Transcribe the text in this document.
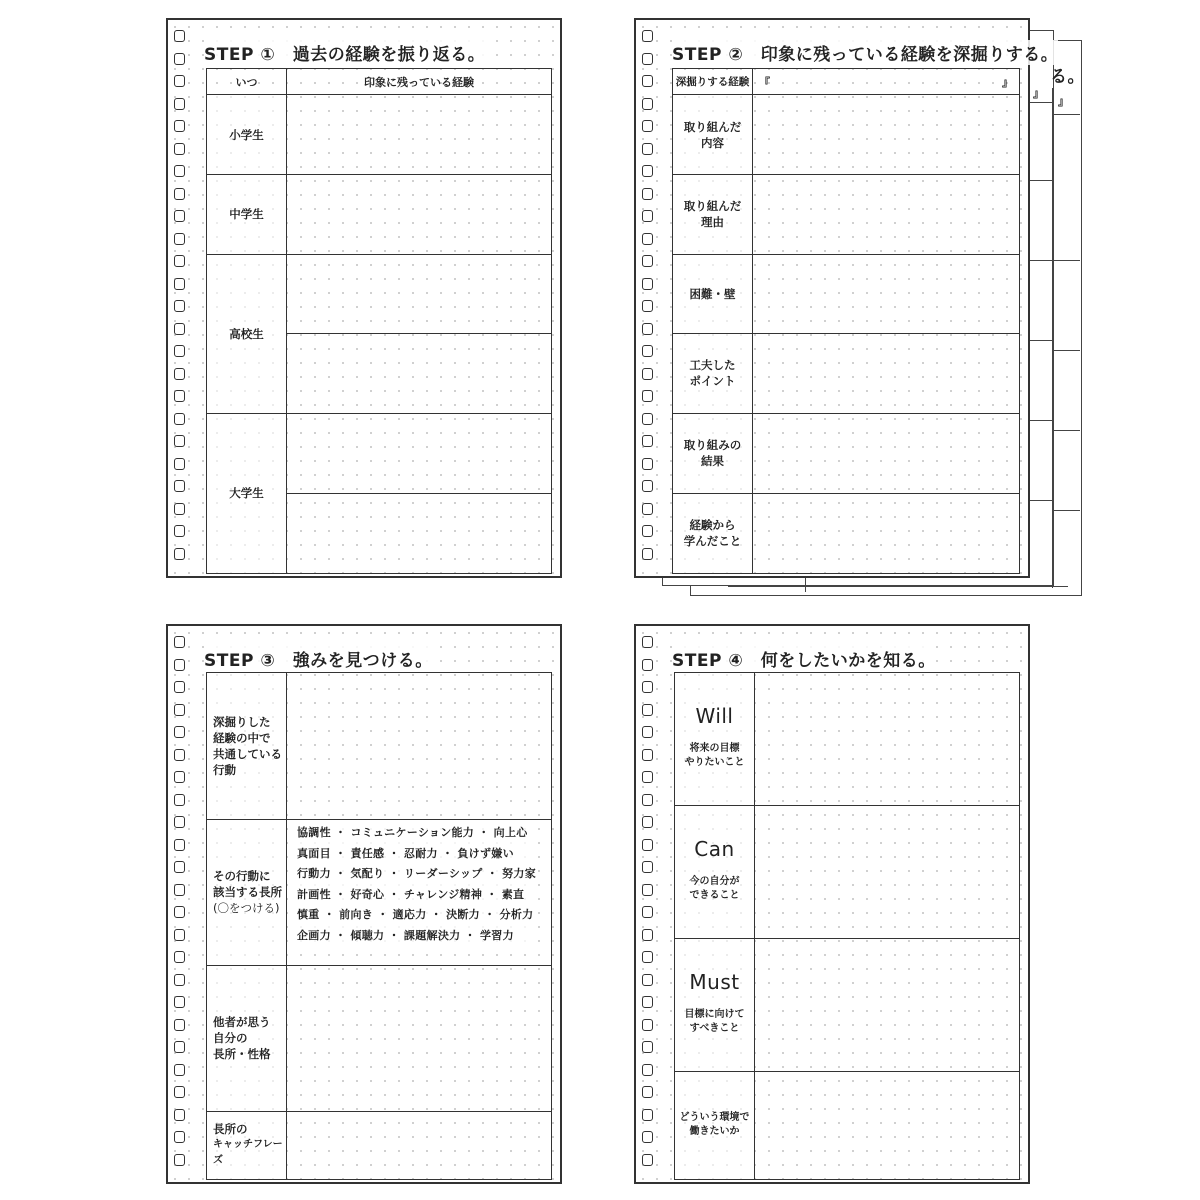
STEP ①　過去の経験を振り返る。
いつ	印象に残っている経験
小学生
中学生
高校生
大学生
る。
』
』
STEP ②　印象に残っている経験を深掘りする。
深掘りする経験 『	』
取り組んだ
内容
取り組んだ
理由
困難・壁
工夫した
ポイント
取り組みの
結果
経験から
学んだこと
STEP ③　強みを見つける。
深掘りした
経験の中で
共通している
行動
その行動に
該当する長所
(〇をつける)
他者が思う
自分の
長所・性格
長所の
キャッチフレーズ
協調性 ・ コミュニケーション能力 ・ 向上心
真面目 ・ 責任感 ・ 忍耐力 ・ 負けず嫌い
行動力 ・ 気配り ・ リーダーシップ ・ 努力家
計画性 ・ 好奇心 ・ チャレンジ精神 ・ 素直
慎重 ・ 前向き ・ 適応力 ・ 決断力 ・ 分析力
企画力 ・ 傾聴力 ・ 課題解決力 ・ 学習力
STEP ④　何をしたいかを知る。
Will
将来の目標
やりたいこと
Can
今の自分が
できること
Must
目標に向けて
すべきこと
どういう環境で
働きたいか
